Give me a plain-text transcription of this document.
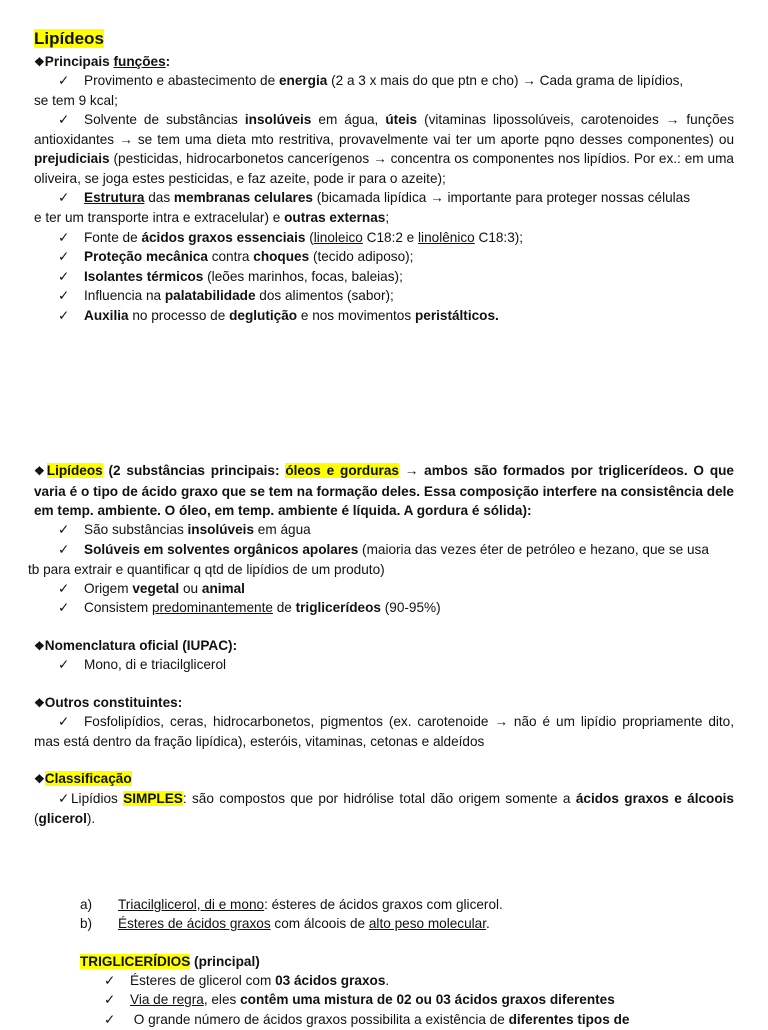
Lipídeos
❖Principais funções:
✓ Provimento e abastecimento de energia (2 a 3 x mais do que ptn e cho) → Cada grama de lipídios,
se tem 9 kcal;
✓ Solvente de substâncias insolúveis em água, úteis (vitaminas lipossolúveis, carotenoides → funções antioxidantes → se tem uma dieta mto restritiva, provavelmente vai ter um aporte pqno desses componentes) ou prejudiciais (pesticidas, hidrocarbonetos cancerígenos → concentra os componentes nos lipídios. Por ex.: em uma oliveira, se joga estes pesticidas, e faz azeite, pode ir para o azeite);
✓ Estrutura das membranas celulares (bicamada lipídica → importante para proteger nossas células
e ter um transporte intra e extracelular) e outras externas;
✓ Fonte de ácidos graxos essenciais (linoleico C18:2 e linolênico C18:3);
✓ Proteção mecânica contra choques (tecido adiposo);
✓ Isolantes térmicos (leões marinhos, focas, baleias);
✓ Influencia na palatabilidade dos alimentos (sabor);
✓ Auxilia no processo de deglutição e nos movimentos peristálticos.
❖Lipídeos (2 substâncias principais: óleos e gorduras → ambos são formados por triglicerídeos. O que varia é o tipo de ácido graxo que se tem na formação deles. Essa composição interfere na consistência dele em temp. ambiente. O óleo, em temp. ambiente é líquida. A gordura é sólida):
✓ São substâncias insolúveis em água
✓ Solúveis em solventes orgânicos apolares (maioria das vezes éter de petróleo e hezano, que se usa
tb para extrair e quantificar q qtd de lipídios de um produto)
✓ Origem vegetal ou animal
✓ Consistem predominantemente de triglicerídeos (90-95%)
❖Nomenclatura oficial (IUPAC):
✓ Mono, di e triacilglicerol
❖Outros constituintes:
✓ Fosfolipídios, ceras, hidrocarbonetos, pigmentos (ex. carotenoide → não é um lipídio propriamente dito, mas está dentro da fração lipídica), esteróis, vitaminas, cetonas e aldeídos
❖Classificação
✓Lipídios SIMPLES: são compostos que por hidrólise total dão origem somente a ácidos graxos e álcoois (glicerol).
a) Triacilglicerol, di e mono: ésteres de ácidos graxos com glicerol.
b) Ésteres de ácidos graxos com álcoois de alto peso molecular.
TRIGLICERÍDIOS (principal)
✓ Ésteres de glicerol com 03 ácidos graxos.
✓ Via de regra, eles contêm uma mistura de 02 ou 03 ácidos graxos diferentes
✓ O grande número de ácidos graxos possibilita a existência de diferentes tipos de
